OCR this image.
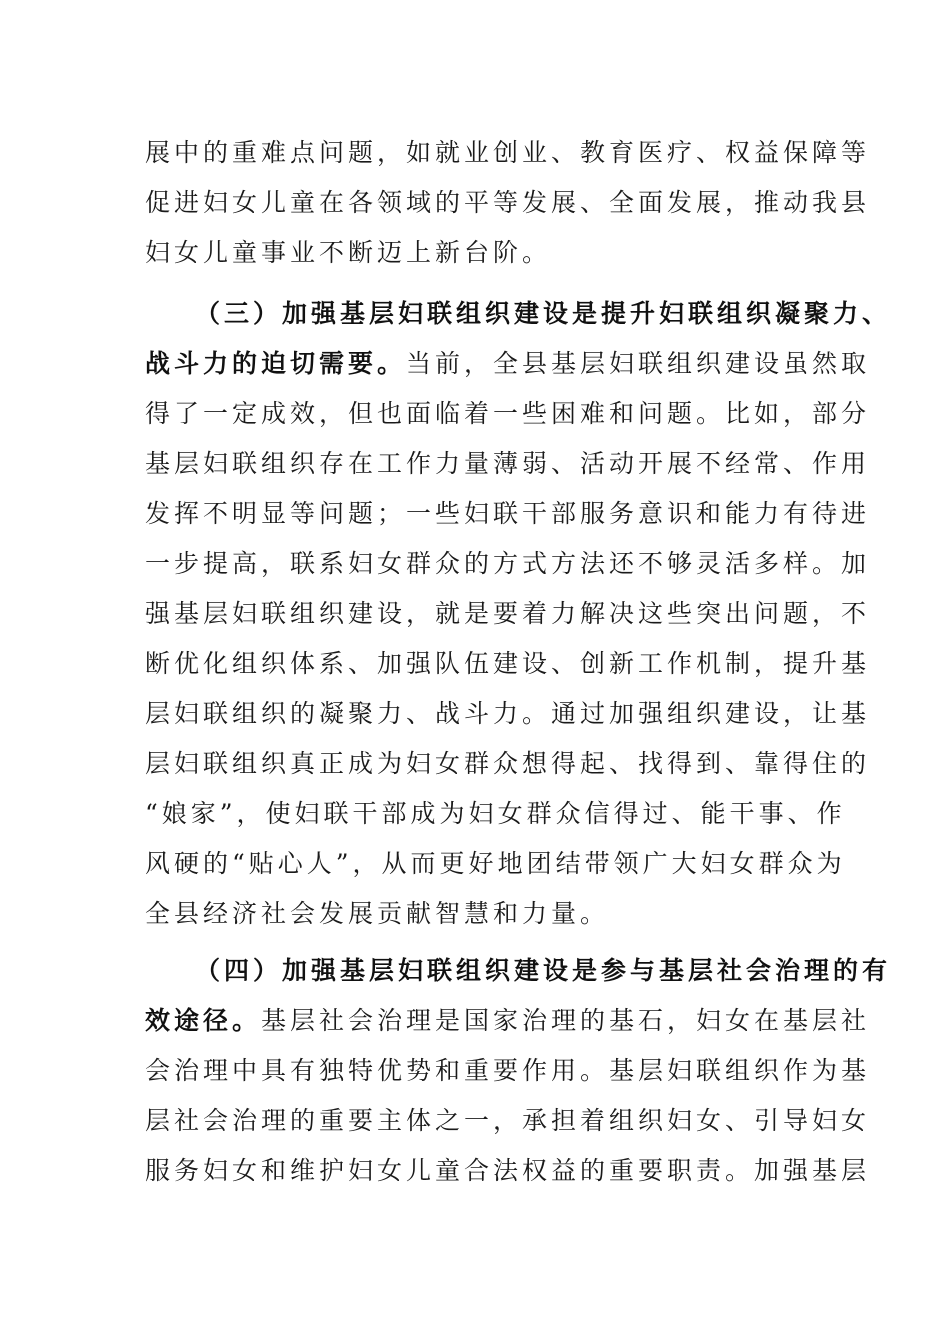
展中的重难点问题，如就业创业、教育医疗、权益保障等
促进妇女儿童在各领域的平等发展、全面发展，推动我县
妇女儿童事业不断迈上新台阶。
（三）加强基层妇联组织建设是提升妇联组织凝聚力、
战斗力的迫切需要。当前，全县基层妇联组织建设虽然取
得了一定成效，但也面临着一些困难和问题。比如，部分
基层妇联组织存在工作力量薄弱、活动开展不经常、作用
发挥不明显等问题；一些妇联干部服务意识和能力有待进
一步提高，联系妇女群众的方式方法还不够灵活多样。加
强基层妇联组织建设，就是要着力解决这些突出问题，不
断优化组织体系、加强队伍建设、创新工作机制，提升基
层妇联组织的凝聚力、战斗力。通过加强组织建设，让基
层妇联组织真正成为妇女群众想得起、找得到、靠得住的
“娘家”，使妇联干部成为妇女群众信得过、能干事、作
风硬的“贴心人”，从而更好地团结带领广大妇女群众为
全县经济社会发展贡献智慧和力量。
（四）加强基层妇联组织建设是参与基层社会治理的有
效途径。基层社会治理是国家治理的基石，妇女在基层社
会治理中具有独特优势和重要作用。基层妇联组织作为基
层社会治理的重要主体之一，承担着组织妇女、引导妇女
服务妇女和维护妇女儿童合法权益的重要职责。加强基层
